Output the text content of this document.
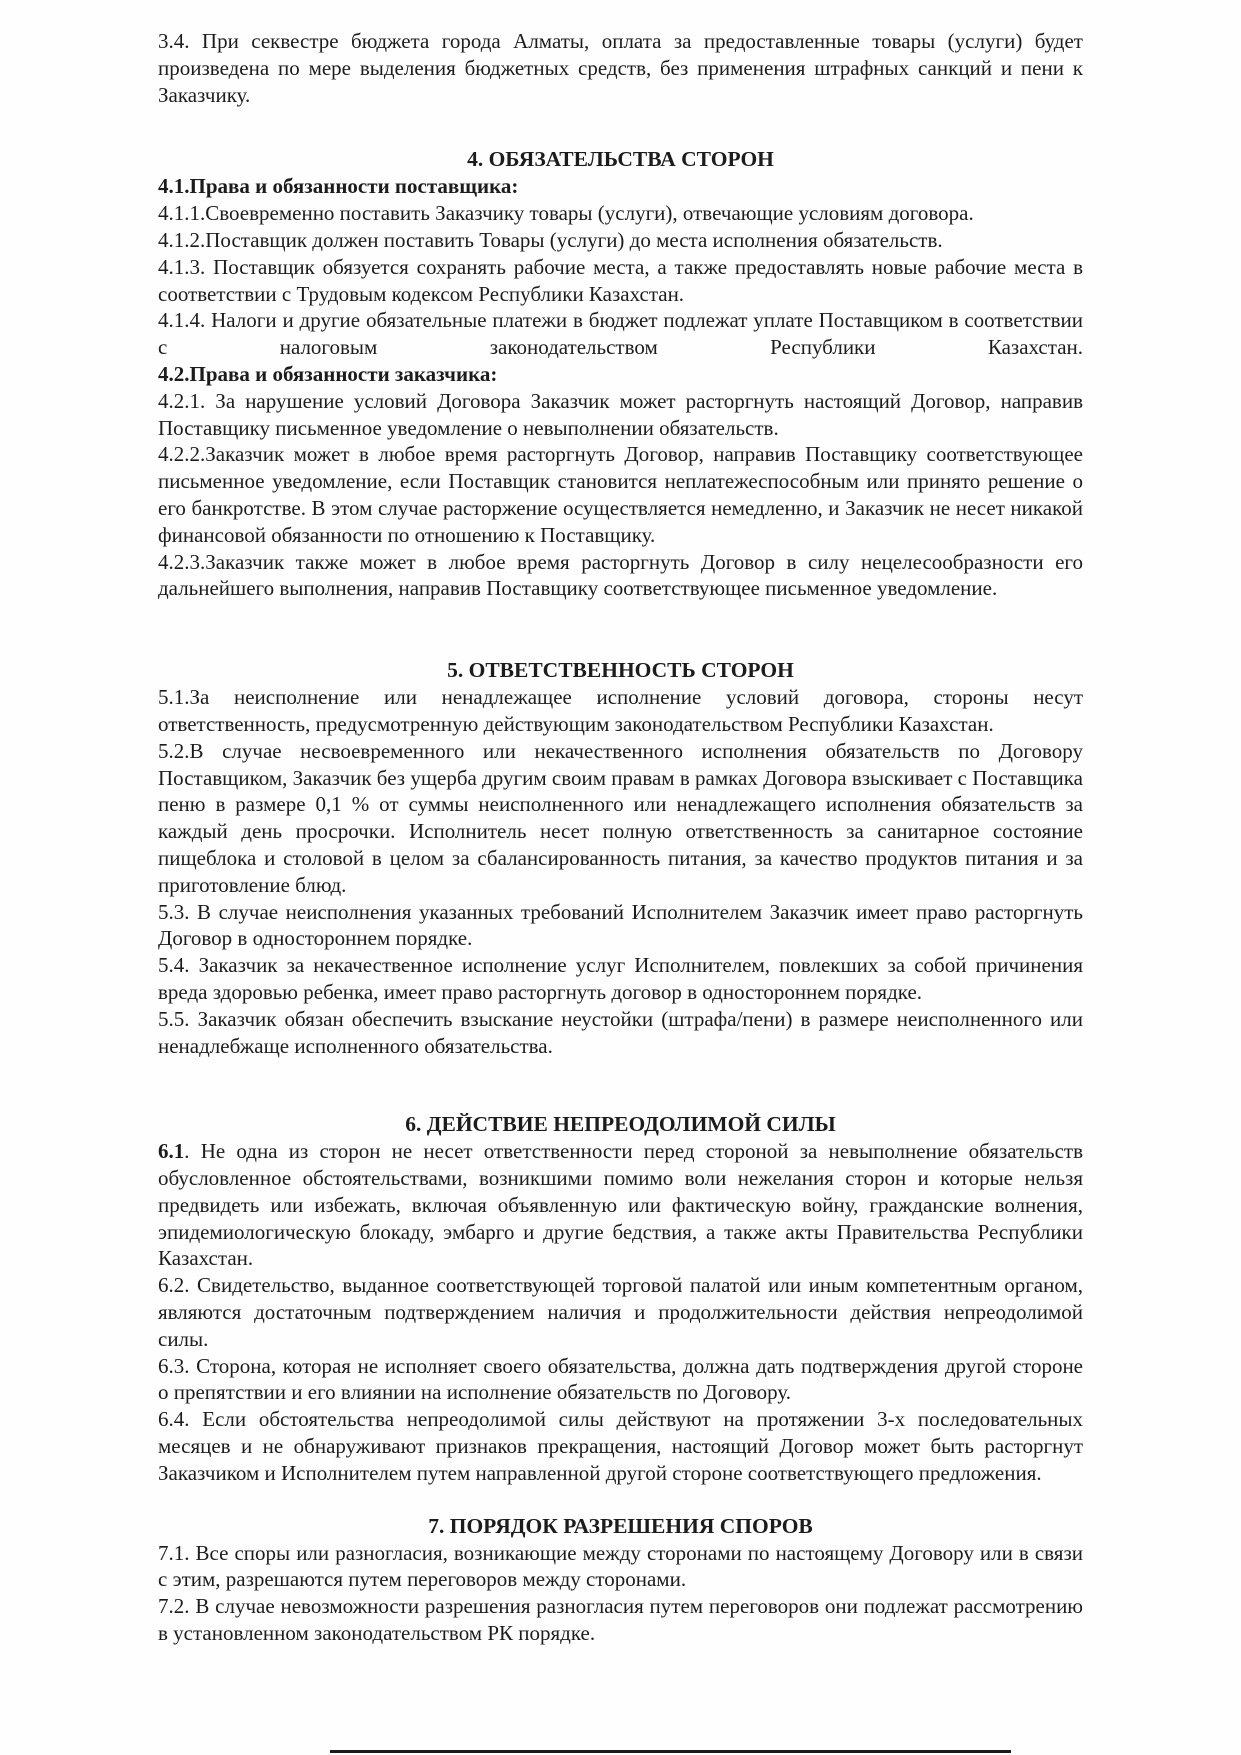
3.4. При секвестре бюджета города Алматы, оплата за предоставленные товары (услуги) будет произведена по мере выделения бюджетных средств, без применения штрафных санкций и пени к Заказчику.

4. ОБЯЗАТЕЛЬСТВА СТОРОН

4.1.Права и обязанности поставщика:

4.1.1.Своевременно поставить Заказчику товары (услуги), отвечающие условиям договора.

4.1.2.Поставщик должен поставить Товары (услуги) до места исполнения обязательств.

4.1.3. Поставщик обязуется сохранять рабочие места, а также предоставлять новые рабочие места в соответствии с Трудовым кодексом Республики Казахстан.

4.1.4. Налоги и другие обязательные платежи в бюджет подлежат уплате Поставщиком в соответствии с налоговым законодательством Республики Казахстан.

4.2.Права и обязанности заказчика:

4.2.1. За нарушение условий Договора Заказчик может расторгнуть настоящий Договор, направив Поставщику письменное уведомление о невыполнении обязательств.

4.2.2.Заказчик может в любое время расторгнуть Договор, направив Поставщику соответствующее письменное уведомление, если Поставщик становится неплатежеспособным или принято решение о его банкротстве. В этом случае расторжение осуществляется немедленно, и Заказчик не несет никакой финансовой обязанности по отношению к Поставщику.

4.2.3.Заказчик также может в любое время расторгнуть Договор в силу нецелесообразности его дальнейшего выполнения, направив Поставщику соответствующее письменное уведомление.

5. ОТВЕТСТВЕННОСТЬ СТОРОН

5.1.За неисполнение или ненадлежащее исполнение условий договора, стороны несут ответственность, предусмотренную действующим законодательством Республики Казахстан.

5.2.В случае несвоевременного или некачественного исполнения обязательств по Договору Поставщиком, Заказчик без ущерба другим своим правам в рамках Договора взыскивает с Поставщика пеню в размере 0,1 % от суммы неисполненного или ненадлежащего исполнения обязательств за каждый день просрочки. Исполнитель несет полную ответственность за санитарное состояние пищеблока и столовой в целом за сбалансированность питания, за качество продуктов питания и за приготовление блюд.

5.3. В случае неисполнения указанных требований Исполнителем Заказчик имеет право расторгнуть Договор в одностороннем порядке.

5.4. Заказчик за некачественное исполнение услуг Исполнителем, повлекших за собой причинения вреда здоровью ребенка, имеет право расторгнуть договор в одностороннем порядке.

5.5. Заказчик обязан обеспечить взыскание неустойки (штрафа/пени) в размере неисполненного или ненадлебжаще исполненного обязательства.

6. ДЕЙСТВИЕ НЕПРЕОДОЛИМОЙ СИЛЫ

6.1. Не одна из сторон не несет ответственности перед стороной за невыполнение обязательств обусловленное обстоятельствами, возникшими помимо воли нежелания сторон и которые нельзя предвидеть или избежать, включая объявленную или фактическую войну, гражданские волнения, эпидемиологическую блокаду, эмбарго и другие бедствия, а также акты Правительства Республики Казахстан.

6.2. Свидетельство, выданное соответствующей торговой палатой или иным компетентным органом, являются достаточным подтверждением наличия и продолжительности действия непреодолимой силы.

6.3. Сторона, которая не исполняет своего обязательства, должна дать подтверждения другой стороне о препятствии и его влиянии на исполнение обязательств по Договору.

6.4. Если обстоятельства непреодолимой силы действуют на протяжении 3-х последовательных месяцев и не обнаруживают признаков прекращения, настоящий Договор может быть расторгнут Заказчиком и Исполнителем путем направленной другой стороне соответствующего предложения.

7. ПОРЯДОК РАЗРЕШЕНИЯ СПОРОВ

7.1. Все споры или разногласия, возникающие между сторонами по настоящему Договору или в связи с этим, разрешаются путем переговоров между сторонами.

7.2. В случае невозможности разрешения разногласия путем переговоров они подлежат рассмотрению в установленном законодательством РК порядке.
